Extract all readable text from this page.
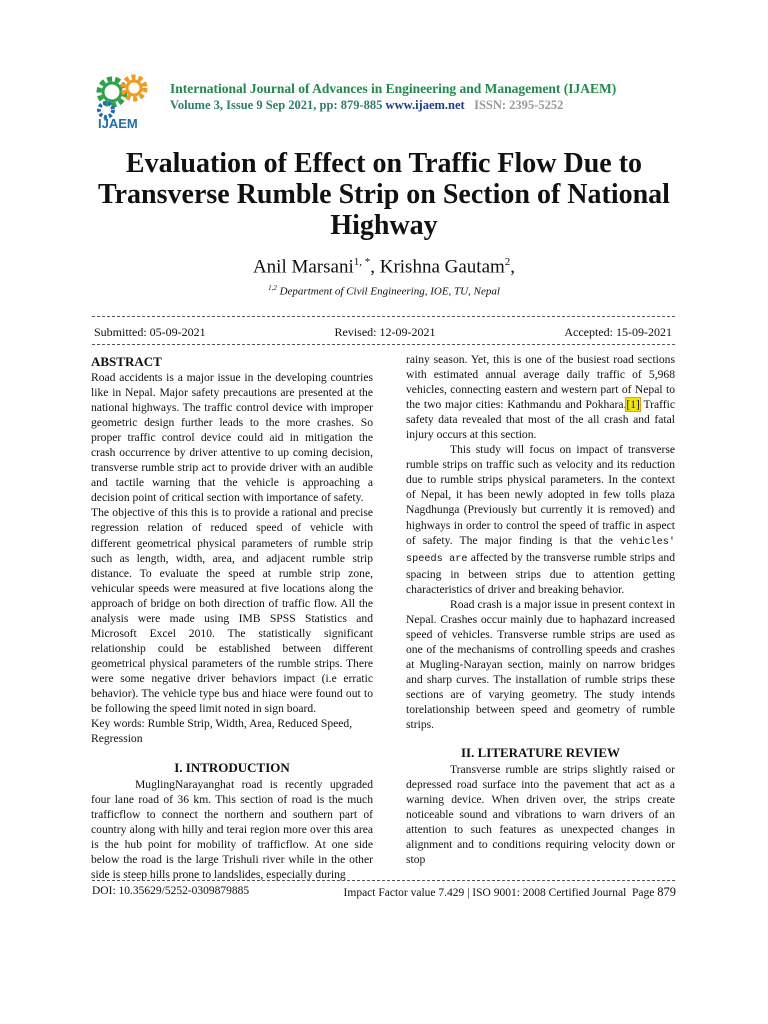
IJAEM
International Journal of Advances in Engineering and Management (IJAEM)
Volume 3, Issue 9 Sep 2021, pp: 879-885 www.ijaem.net ISSN: 2395-5252
Evaluation of Effect on Traffic Flow Due to Transverse Rumble Strip on Section of National Highway
Anil Marsani$^{1, *}$, Krishna Gautam$^2$,
$^{1,2}$ Department of Civil Engineering, IOE, TU, Nepal
Submitted: 05-09-2021	Revised: 12-09-2021	Accepted: 15-09-2021

ABSTRACT

Road accidents is a major issue in the developing countries like in Nepal. Major safety precautions are presented at the national highways. The traffic control device with improper geometric design further leads to the more crashes. So proper traffic control device could aid in mitigation the crash occurrence by driver attentive to up coming decision, transverse rumble strip act to provide driver with an audible and tactile warning that the vehicle is approaching a decision point of critical section with importance of safety.

The objective of this this is to provide a rational and precise regression relation of reduced speed of vehicle with different geometrical physical parameters of rumble strip such as length, width, area, and adjacent rumble strip distance. To evaluate the speed at rumble strip zone, vehicular speeds were measured at five locations along the approach of bridge on both direction of traffic flow. All the analysis were made using IMB SPSS Statistics and Microsoft Excel 2010. The statistically significant relationship could be established between different geometrical physical parameters of the rumble strips. There were some negative driver behaviors impact (i.e erratic behavior). The vehicle type bus and hiace were found out to be following the speed limit noted in sign board.

Key words: Rumble Strip, Width, Area, Reduced Speed, Regression

I. INTRODUCTION

MuglingNarayanghat road is recently upgraded four lane road of 36 km. This section of road is the much trafficflow to connect the northern and southern part of country along with hilly and terai region more over this area is the hub point for mobility of trafficflow. At one side below the road is the large Trishuli river while in the other side is steep hills prone to landslides, especially during

rainy season. Yet, this is one of the busiest road sections with estimated annual average daily traffic of 5,968 vehicles, connecting eastern and western part of Nepal to the two major cities: Kathmandu and Pokhara.[1] Traffic safety data revealed that most of the all crash and fatal injury occurs at this section.

This study will focus on impact of transverse rumble strips on traffic such as velocity and its reduction due to rumble strips physical parameters. In the context of Nepal, it has been newly adopted in few tolls plaza Nagdhunga (Previously but currently it is removed) and highways in order to control the speed of traffic in aspect of safety. The major finding is that the vehicles' speeds are affected by the transverse rumble strips and spacing in between strips due to attention getting characteristics of driver and breaking behavior.

Road crash is a major issue in present context in Nepal. Crashes occur mainly due to haphazard increased speed of vehicles. Transverse rumble strips are used as one of the mechanisms of controlling speeds and crashes at Mugling-Narayan section, mainly on narrow bridges and sharp curves. The installation of rumble strips these sections are of varying geometry. The study intends torelationship between speed and geometry of rumble strips.

II. LITERATURE REVIEW

Transverse rumble are strips slightly raised or depressed road surface into the pavement that act as a warning device. When driven over, the strips create noticeable sound and vibrations to warn drivers of an attention to such features as unexpected changes in alignment and to conditions requiring velocity down or stop

DOI: 10.35629/5252-0309879885	Impact Factor value 7.429 | ISO 9001: 2008 Certified Journal Page 879
